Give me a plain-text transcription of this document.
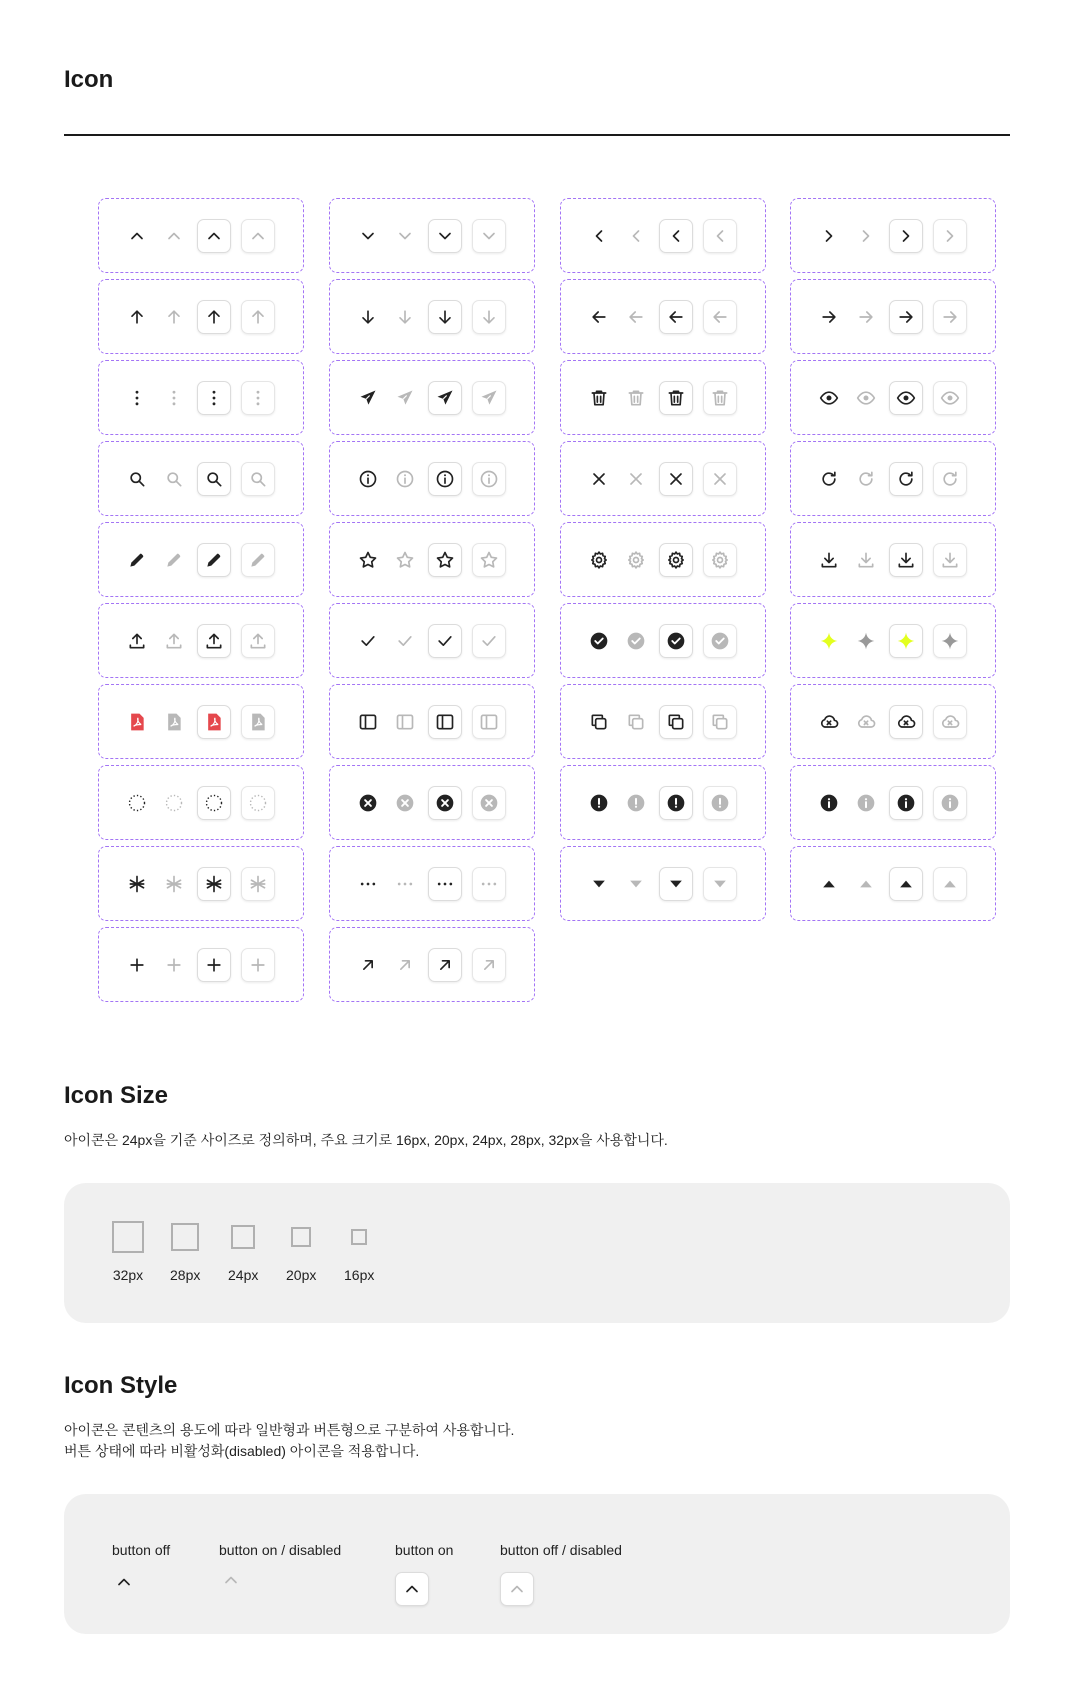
Icon
Icon Size

아이콘은 24px을 기준 사이즈로 정의하며, 주요 크기로 16px, 20px, 24px, 28px, 32px을 사용합니다.

32px 28px 24px 20px 16px
Icon Style

아이콘은 콘텐츠의 용도에 따라 일반형과 버튼형으로 구분하여 사용합니다.

버튼 상태에 따라 비활성화(disabled) 아이콘을 적용합니다.

button off	button on / disabled	button on	button off / disabled
